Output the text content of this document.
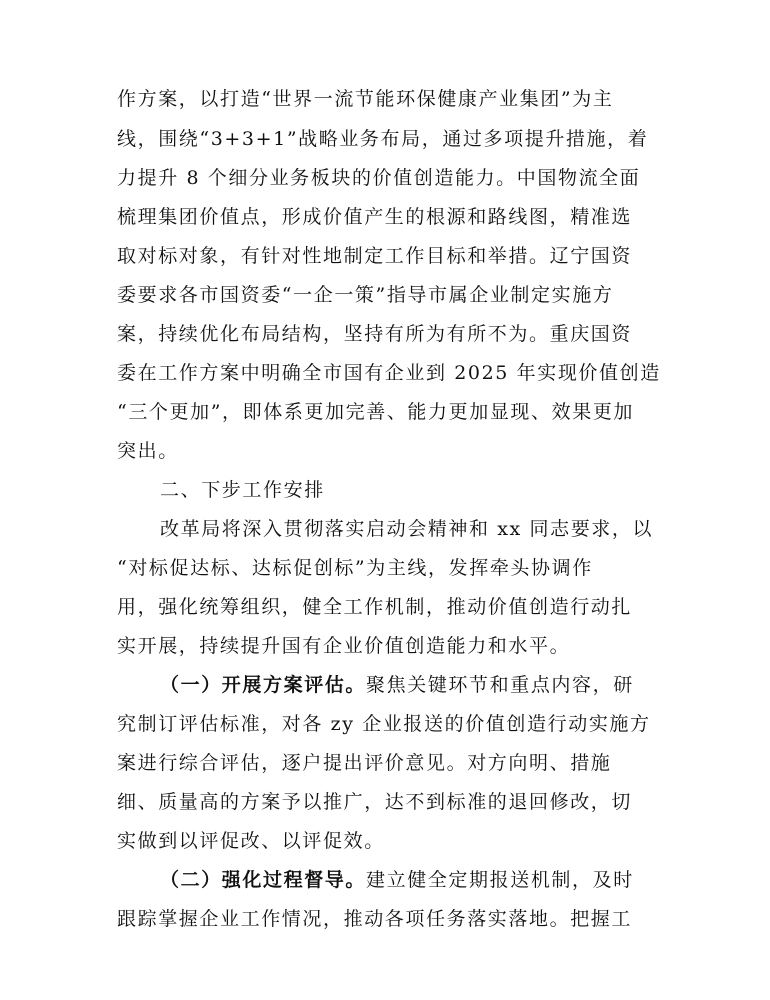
作方案，以打造“世界一流节能环保健康产业集团”为主
线，围绕“3+3+1”战略业务布局，通过多项提升措施，着
力提升 8 个细分业务板块的价值创造能力。中国物流全面
梳理集团价值点，形成价值产生的根源和路线图，精准选
取对标对象，有针对性地制定工作目标和举措。辽宁国资
委要求各市国资委“一企一策”指导市属企业制定实施方
案，持续优化布局结构，坚持有所为有所不为。重庆国资
委在工作方案中明确全市国有企业到 2025 年实现价值创造
“三个更加”，即体系更加完善、能力更加显现、效果更加
突出。
二、下步工作安排
改革局将深入贯彻落实启动会精神和 xx 同志要求，以
“对标促达标、达标促创标”为主线，发挥牵头协调作
用，强化统筹组织，健全工作机制，推动价值创造行动扎
实开展，持续提升国有企业价值创造能力和水平。
（一）开展方案评估。聚焦关键环节和重点内容，研
究制订评估标准，对各 zy 企业报送的价值创造行动实施方
案进行综合评估，逐户提出评价意见。对方向明、措施
细、质量高的方案予以推广，达不到标准的退回修改，切
实做到以评促改、以评促效。
（二）强化过程督导。建立健全定期报送机制，及时
跟踪掌握企业工作情况，推动各项任务落实落地。把握工
